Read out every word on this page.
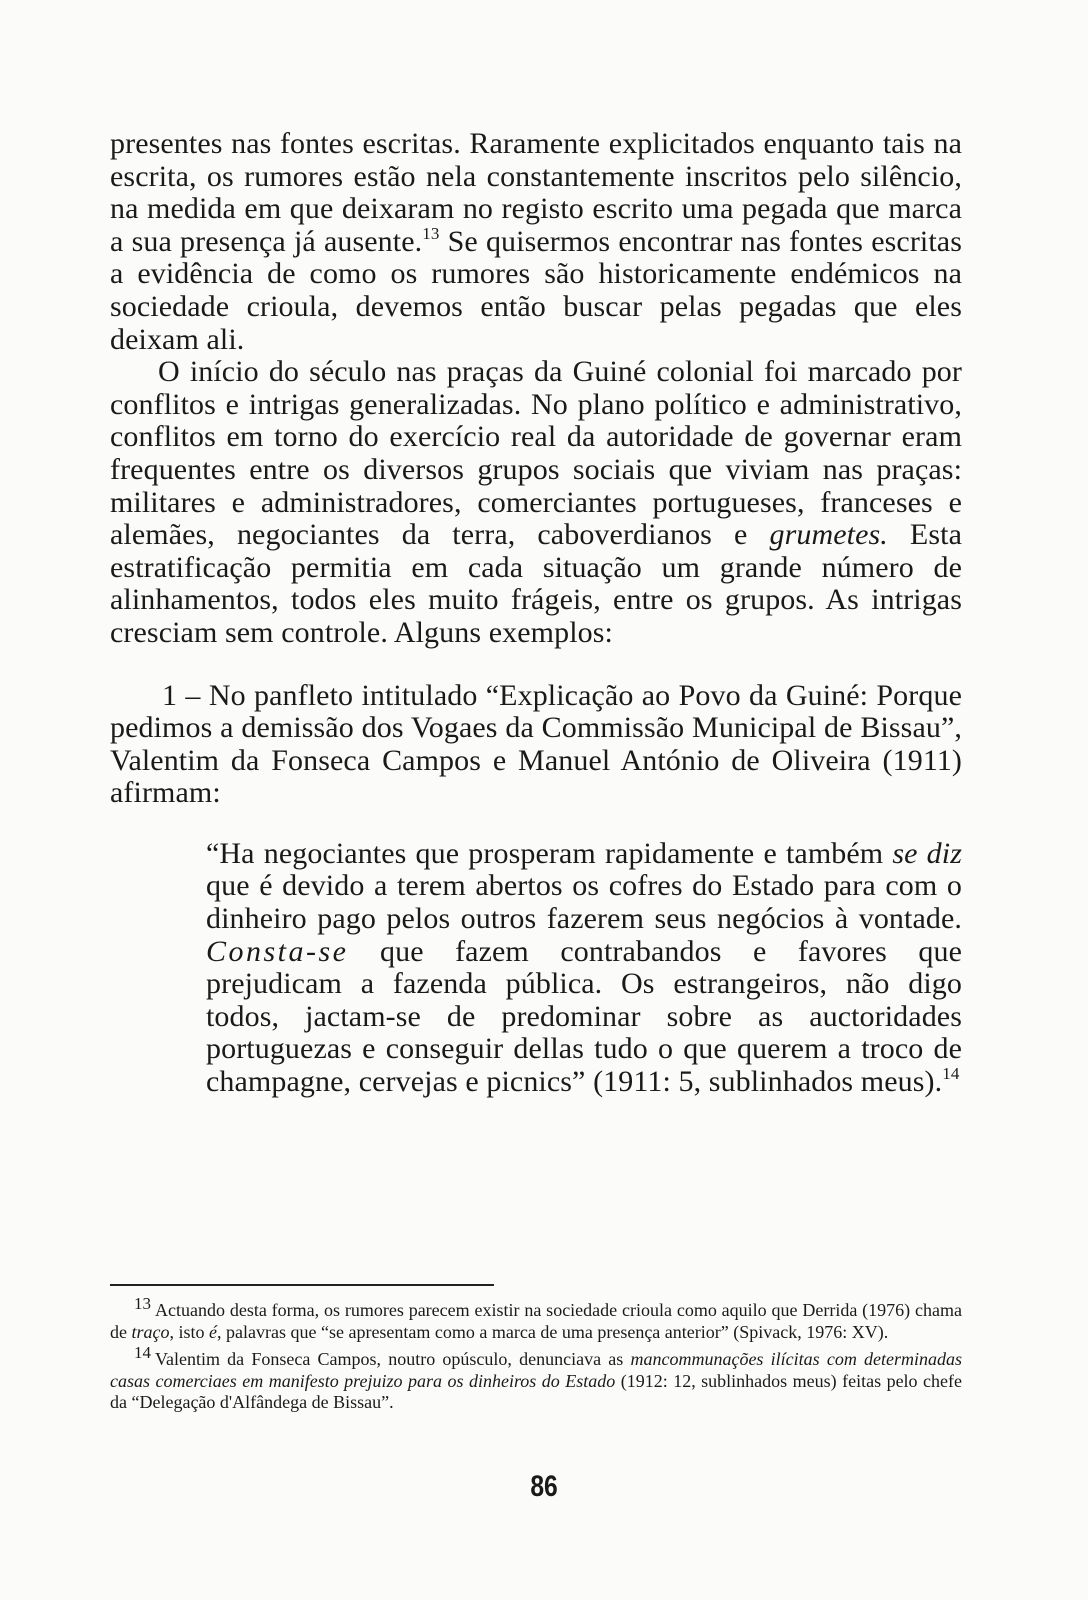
presentes nas fontes escritas. Raramente explicitados enquanto tais na escrita, os rumores estão nela constantemente inscritos pelo silêncio, na medida em que deixaram no registo escrito uma pegada que marca a sua presença já ausente.$^{13}$ Se quisermos encontrar nas fontes escritas a evidência de como os rumores são historicamente endémicos na sociedade crioula, devemos então buscar pelas pegadas que eles deixam ali.

O início do século nas praças da Guiné colonial foi marcado por conflitos e intrigas generalizadas. No plano político e administrativo, conflitos em torno do exercício real da autoridade de governar eram frequentes entre os diversos grupos sociais que viviam nas praças: militares e administradores, comerciantes portugueses, franceses e alemães, negociantes da terra, caboverdianos e grumetes. Esta estratificação permitia em cada situação um grande número de alinhamentos, todos eles muito frágeis, entre os grupos. As intrigas cresciam sem controle. Alguns exemplos:

1 – No panfleto intitulado “Explicação ao Povo da Guiné: Porque pedimos a demissão dos Vogaes da Commissão Municipal de Bissau”, Valentim da Fonseca Campos e Manuel António de Oliveira (1911) afirmam:

“Ha negociantes que prosperam rapidamente e também se diz que é devido a terem abertos os cofres do Estado para com o dinheiro pago pelos outros fazerem seus negócios à vontade. Consta-se que fazem contrabandos e favores que prejudicam a fazenda pública. Os estrangeiros, não digo todos, jactam-se de predominar sobre as auctoridades portuguezas e conseguir dellas tudo o que querem a troco de champagne, cervejas e picnics” (1911: 5, sublinhados meus).$^{14}$

13 Actuando desta forma, os rumores parecem existir na sociedade crioula como aquilo que Derrida (1976) chama de traço, isto é, palavras que “se apresentam como a marca de uma presença anterior” (Spivack, 1976: XV).

14 Valentim da Fonseca Campos, noutro opúsculo, denunciava as mancommunações ilícitas com determinadas casas comerciaes em manifesto prejuizo para os dinheiros do Estado (1912: 12, sublinhados meus) feitas pelo chefe da “Delegação d'Alfândega de Bissau”.

86
